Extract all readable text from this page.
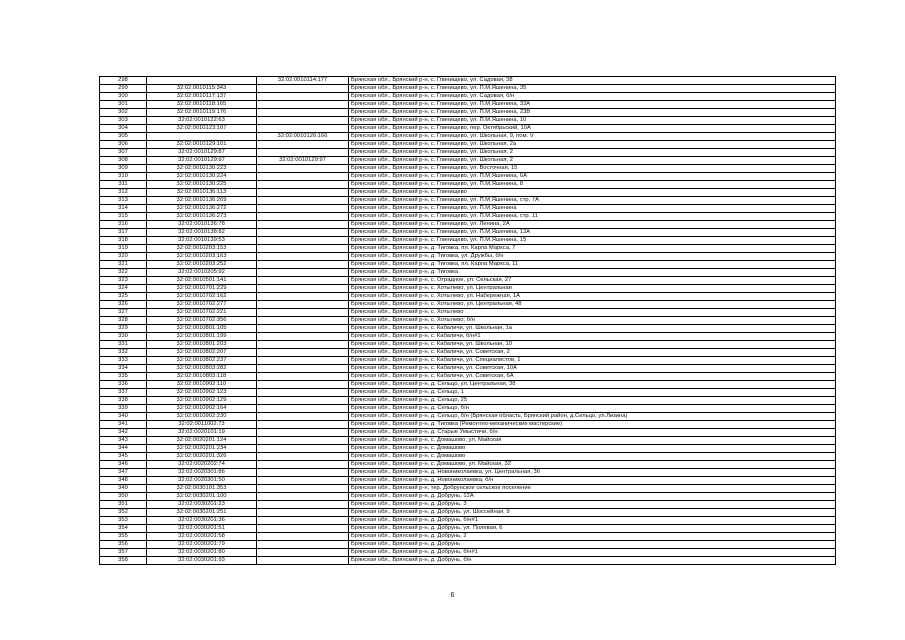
298		32:02:0010114:177	Брянская обл., Брянский р-н, с. Глинищево, ул. Садовая, 38
299	32:02:0010115:343		Брянская обл., Брянский р-н, с. Глинищево, ул. П.М.Яшенина, 35
300	32:02:0010117:137		Брянская обл., Брянский р-н, с. Глинищево, ул. Садовая, б/н
301	32:02:0010118:165		Брянская обл., Брянский р-н, с. Глинищево, ул. П.М.Яшенина, 33А
302	32:02:0010119:176		Брянская обл., Брянский р-н, с. Глинищево, ул. П.М.Яшенина, 23В
303	32:02:0010122:63		Брянская обл., Брянский р-н, с. Глинищево, ул. П.М.Яшенина, 10
304	32:02:0010123:107		Брянская обл., Брянский р-н, с. Глинищево, пер. Октябрьский, 10А
305		32:02:0010126:166	Брянская обл., Брянский р-н, с. Глинищево, ул. Школьная, 9, пом. V
306	32:02:0010129:101		Брянская обл., Брянский р-н, с. Глинищево, ул. Школьная, 2а
307	32:02:0010129:87		Брянская обл., Брянский р-н, с. Глинищево, ул. Школьная, 2
308	32:02:0010129:97	32:02:0010129:97	Брянская обл., Брянский р-н, с. Глинищево, ул. Школьная, 2
309	32:02:0010130:223		Брянская обл., Брянский р-н, с. Глинищево, ул. Восточная, 15
310	32:02:0010130:224		Брянская обл., Брянский р-н, с. Глинищево, ул. П.М.Яшенина, 6А
311	32:02:0010130:225		Брянская обл., Брянский р-н, с. Глинищево, ул. П.М.Яшенина, 8
312	32:02:0010136:113		Брянская обл., Брянский р-н, с. Глинищево
313	32:02:0010136:269		Брянская обл., Брянский р-н, с. Глинищево, ул. П.М.Яшенина, стр. 7А
314	32:02:0010136:272		Брянская обл., Брянский р-н, с. Глинищево, ул. П.М.Яшенина
315	32:02:0010136:273		Брянская обл., Брянский р-н, с. Глинищево, ул. П.М.Яшенина, стр. 11
316	32:02:0010136:78		Брянская обл., Брянский р-н, с. Глинищево, ул. Ленина, 2А
317	32:02:0010138:82		Брянская обл., Брянский р-н, с. Глинищево, ул. П.М.Яшенина, 13А
318	32:02:0010139:53		Брянская обл., Брянский р-н, с. Глинищево, ул. П.М.Яшенина, 15
319	32:02:0010203:153		Брянская обл., Брянский р-н, д. Тиговка, пл. Карла Маркса, 7
320	32:02:0010203:163		Брянская обл., Брянский р-н, д. Тиговка, ул. Дружбы, б/н
321	32:02:0010203:252		Брянская обл., Брянский р-н, д. Тиговка, пл. Карла Маркса, 11
322	32:02:0010205:92		Брянская обл., Брянский р-н, д. Тиговка
323	32:02:0010501:141		Брянская обл., Брянский р-н, с. Отрадное, ул. Сельская, 27
324	32:02:0010701:229		Брянская обл., Брянский р-н, с. Хотылево, ул. Центральная
325	32:02:0010702:162		Брянская обл., Брянский р-н, с. Хотылево, ул. Набережная, 1А
326	32:02:0010702:277		Брянская обл., Брянский р-н, с. Хотылево, ул. Центральная, 48
327	32:02:0010702:221		Брянская обл., Брянский р-н, с. Хотылево
328	32:02:0010702:356		Брянская обл., Брянский р-н, с. Хотылево, б/н
329	32:02:0010801:105		Брянская обл., Брянский р-н, с. Кабаличи, ул. Школьная, 1а
330	32:02:0010801:199		Брянская обл., Брянский р-н, с. Кабаличи, б/н#1
331	32:02:0010801:203		Брянская обл., Брянский р-н, с. Кабаличи, ул. Школьная, 10
332	32:02:0010802:207		Брянская обл., Брянский р-н, с. Кабаличи, ул. Советская, 2
333	32:02:0010802:237		Брянская обл., Брянский р-н, с. Кабаличи, ул. Специалистов, 1
334	32:02:0010803:282		Брянская обл., Брянский р-н, с. Кабаличи, ул. Советская, 10А
335	32:02:0010803:118		Брянская обл., Брянский р-н, с. Кабаличи, ул. Советская, 6А
336	32:02:0010902:110		Брянская обл., Брянский р-н, д. Сельцо, ул. Центральная, 38
337	32:02:0010902:123		Брянская обл., Брянский р-н, д. Сельцо, 1
338	32:02:0010902:129		Брянская обл., Брянский р-н, д. Сельцо, 25
339	32:02:0010902:164		Брянская обл., Брянский р-н, д. Сельцо, б/н
340	32:02:0010902:230		Брянская обл., Брянский р-н, д. Сельцо, б/н (Брянская область, Брянский район, д.Сельцо, ул.Лизина)
341	32:02:0011002:73		Брянская обл., Брянский р-н, д. Тиговка (Ремонтно-механические мастерские)
342	32:02:0020101:19		Брянская обл., Брянский р-н, д. Старые Умыстичи, б/н
343	32:02:0020201:124		Брянская обл., Брянский р-н, с. Домашово, ул. Майская
344	32:02:0020201:234		Брянская обл., Брянский р-н, с. Домашово
345	32:02:0020201:326		Брянская обл., Брянский р-н, с. Домашово
346	32:02:0020202:74		Брянская обл., Брянский р-н, с. Домашово, ул. Майская, 32
347	32:02:0020301:86		Брянская обл., Брянский р-н, д. Новониколаевка, ул. Центральная, 36
348	32:02:0020301:50		Брянская обл., Брянский р-н, д. Новониколаевка, б/н
349	32:02:0030101:353		Брянская обл., Брянский р-н, тер. Добрунское сельское поселение
350	32:02:0030201:100		Брянская обл., Брянский р-н, д. Добрунь, 12А
351	32:02:0030201:23		Брянская обл., Брянский р-н, д. Добрунь, 3
352	32:02:0030201:251		Брянская обл., Брянский р-н, д. Добрунь, ул. Шоссейная, 9
353	32:02:0030201:36		Брянская обл., Брянский р-н, д. Добрунь, б/н#1
354	32:02:0030201:51		Брянская обл., Брянский р-н, д. Добрунь, ул. Полевая, 6
355	32:02:0030201:58		Брянская обл., Брянский р-н, д. Добрунь, 2
356	32:02:0030201:79		Брянская обл., Брянский р-н, д. Добрунь
357	32:02:0030201:80		Брянская обл., Брянский р-н, д. Добрунь, б/н#1
358	32:02:0030201:93		Брянская обл., Брянский р-н, д. Добрунь, б/н
6
